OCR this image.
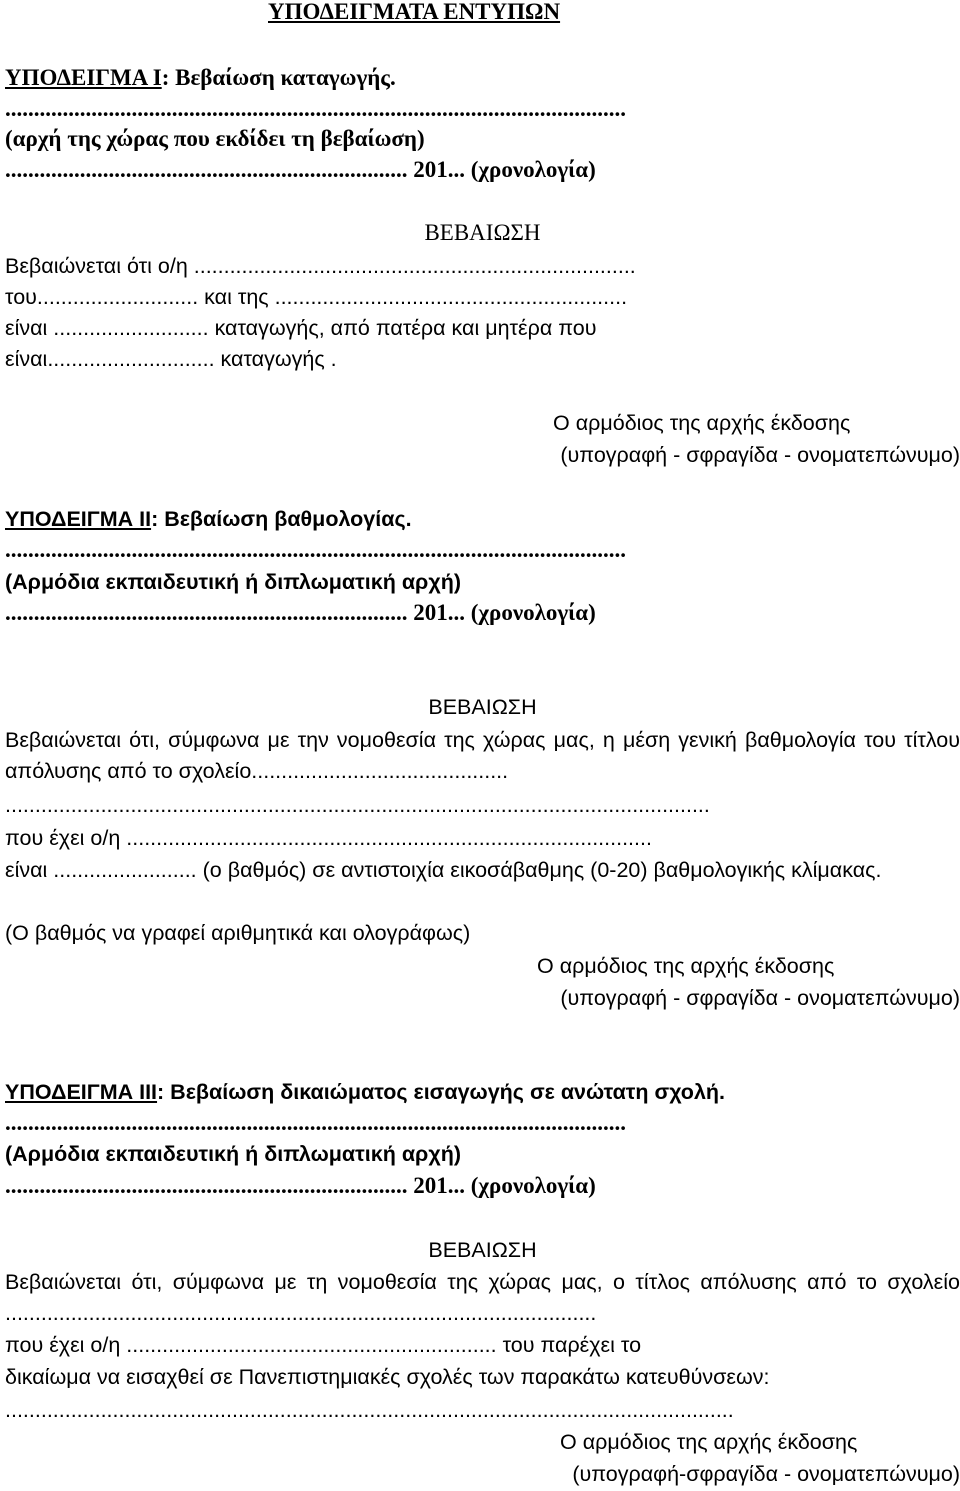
ΥΠΟΔΕΙΓΜΑΤΑ ΕΝΤΥΠΩΝ
ΥΠΟΔΕΙΓΜΑ Ι: Βεβαίωση καταγωγής.
............................................................................................................
(αρχή της χώρας που εκδίδει τη βεβαίωση)
...................................................................... 201... (χρονολογία)
ΒΕΒΑΙΩΣΗ
Βεβαιώνεται ότι ο/η ..........................................................................
του........................... και της ...........................................................
είναι .......................... καταγωγής, από πατέρα και μητέρα που
είναι............................ καταγωγής .
Ο αρμόδιος της αρχής έκδοσης
(υπογραφή - σφραγίδα - ονοματεπώνυμο)
ΥΠΟΔΕΙΓΜΑ ΙΙ: Βεβαίωση βαθμολογίας.
............................................................................................................
(Αρμόδια εκπαιδευτική ή διπλωματική αρχή)
...................................................................... 201... (χρονολογία)
ΒΕΒΑΙΩΣΗ
Βεβαιώνεται ότι, σύμφωνα με την νομοθεσία της χώρας μας, η μέση γενική βαθμολογία του τίτλου απόλυσης από το σχολείο...........................................
......................................................................................................................
που έχει ο/η ........................................................................................
είναι ........................ (ο βαθμός) σε αντιστοιχία εικοσάβαθμης (0-20) βαθμολογικής κλίμακας.
(Ο βαθμός να γραφεί αριθμητικά και ολογράφως)
Ο αρμόδιος της αρχής έκδοσης
(υπογραφή - σφραγίδα - ονοματεπώνυμο)
ΥΠΟΔΕΙΓΜΑ ΙΙΙ: Βεβαίωση δικαιώματος εισαγωγής σε ανώτατη σχολή.
............................................................................................................
(Αρμόδια εκπαιδευτική ή διπλωματική αρχή)
...................................................................... 201... (χρονολογία)
ΒΕΒΑΙΩΣΗ
Βεβαιώνεται ότι, σύμφωνα με τη νομοθεσία της χώρας μας, ο τίτλος απόλυσης από το σχολείο ...................................................................................................
που έχει ο/η .............................................................. του παρέχει το
δικαίωμα να εισαχθεί σε Πανεπιστημιακές σχολές των παρακάτω κατευθύνσεων:
..........................................................................................................................
Ο αρμόδιος της αρχής έκδοσης
(υπογραφή-σφραγίδα - ονοματεπώνυμο)
